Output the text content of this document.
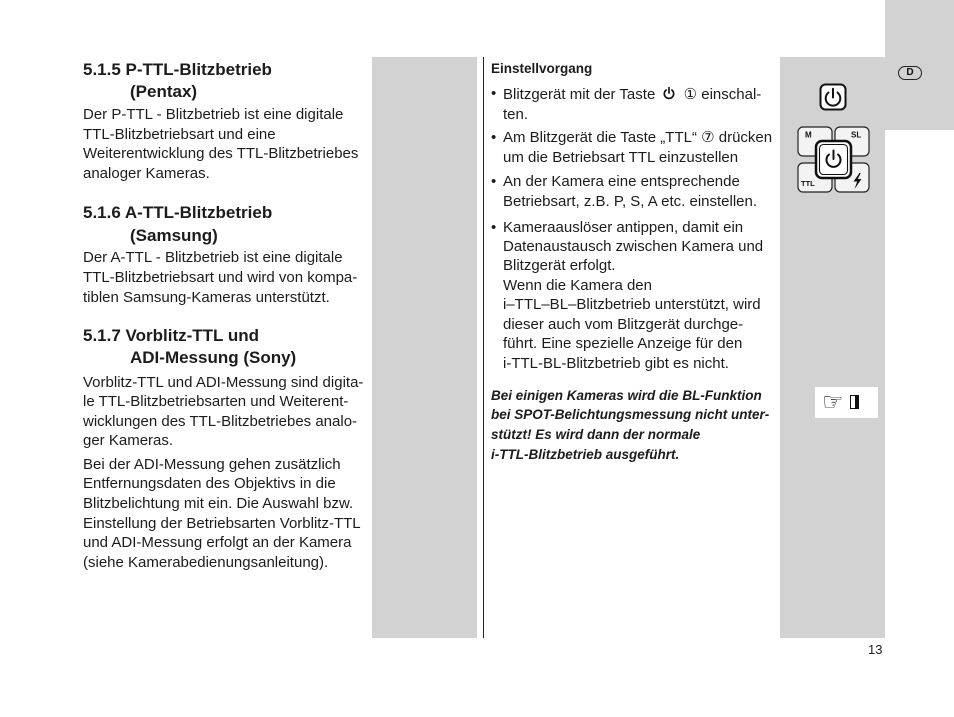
D
5.1.5 P-TTL-Blitzbetrieb
(Pentax)
Der P-TTL - Blitzbetrieb ist eine digitale
TTL-Blitzbetriebsart und eine
Weiterentwicklung des TTL-Blitzbetriebes
analoger Kameras.
5.1.6 A-TTL-Blitzbetrieb
(Samsung)
Der A-TTL - Blitzbetrieb ist eine digitale
TTL-Blitzbetriebsart und wird von kompa-
tiblen Samsung-Kameras unterstützt.
5.1.7 Vorblitz-TTL und
ADI-Messung (Sony)
Vorblitz-TTL und ADI-Messung sind digita-
le TTL-Blitzbetriebsarten und Weiterent-
wicklungen des TTL-Blitzbetriebes analo-
ger Kameras.
Bei der ADI-Messung gehen zusätzlich
Entfernungsdaten des Objektivs in die
Blitzbelichtung mit ein. Die Auswahl bzw.
Einstellung der Betriebsarten Vorblitz-TTL
und ADI-Messung erfolgt an der Kamera
(siehe Kamerabedienungsanleitung).
Einstellvorgang
• Blitzgerät mit der Taste ① einschal-
ten.
• Am Blitzgerät die Taste „TTL“ ⑦ drücken
um die Betriebsart TTL einzustellen
• An der Kamera eine entsprechende
Betriebsart, z.B. P, S, A etc. einstellen.
• Kameraauslöser antippen, damit ein
Datenaustausch zwischen Kamera und
Blitzgerät erfolgt.
Wenn die Kamera den
i–TTL–BL–Blitzbetrieb unterstützt, wird
dieser auch vom Blitzgerät durchge-
führt. Eine spezielle Anzeige für den
i-TTL-BL-Blitzbetrieb gibt es nicht.
Bei einigen Kameras wird die BL-Funktion
bei SPOT-Belichtungsmessung nicht unter-
stützt! Es wird dann der normale
i-TTL-Blitzbetrieb ausgeführt.
M	SL
TTL
☞
13
